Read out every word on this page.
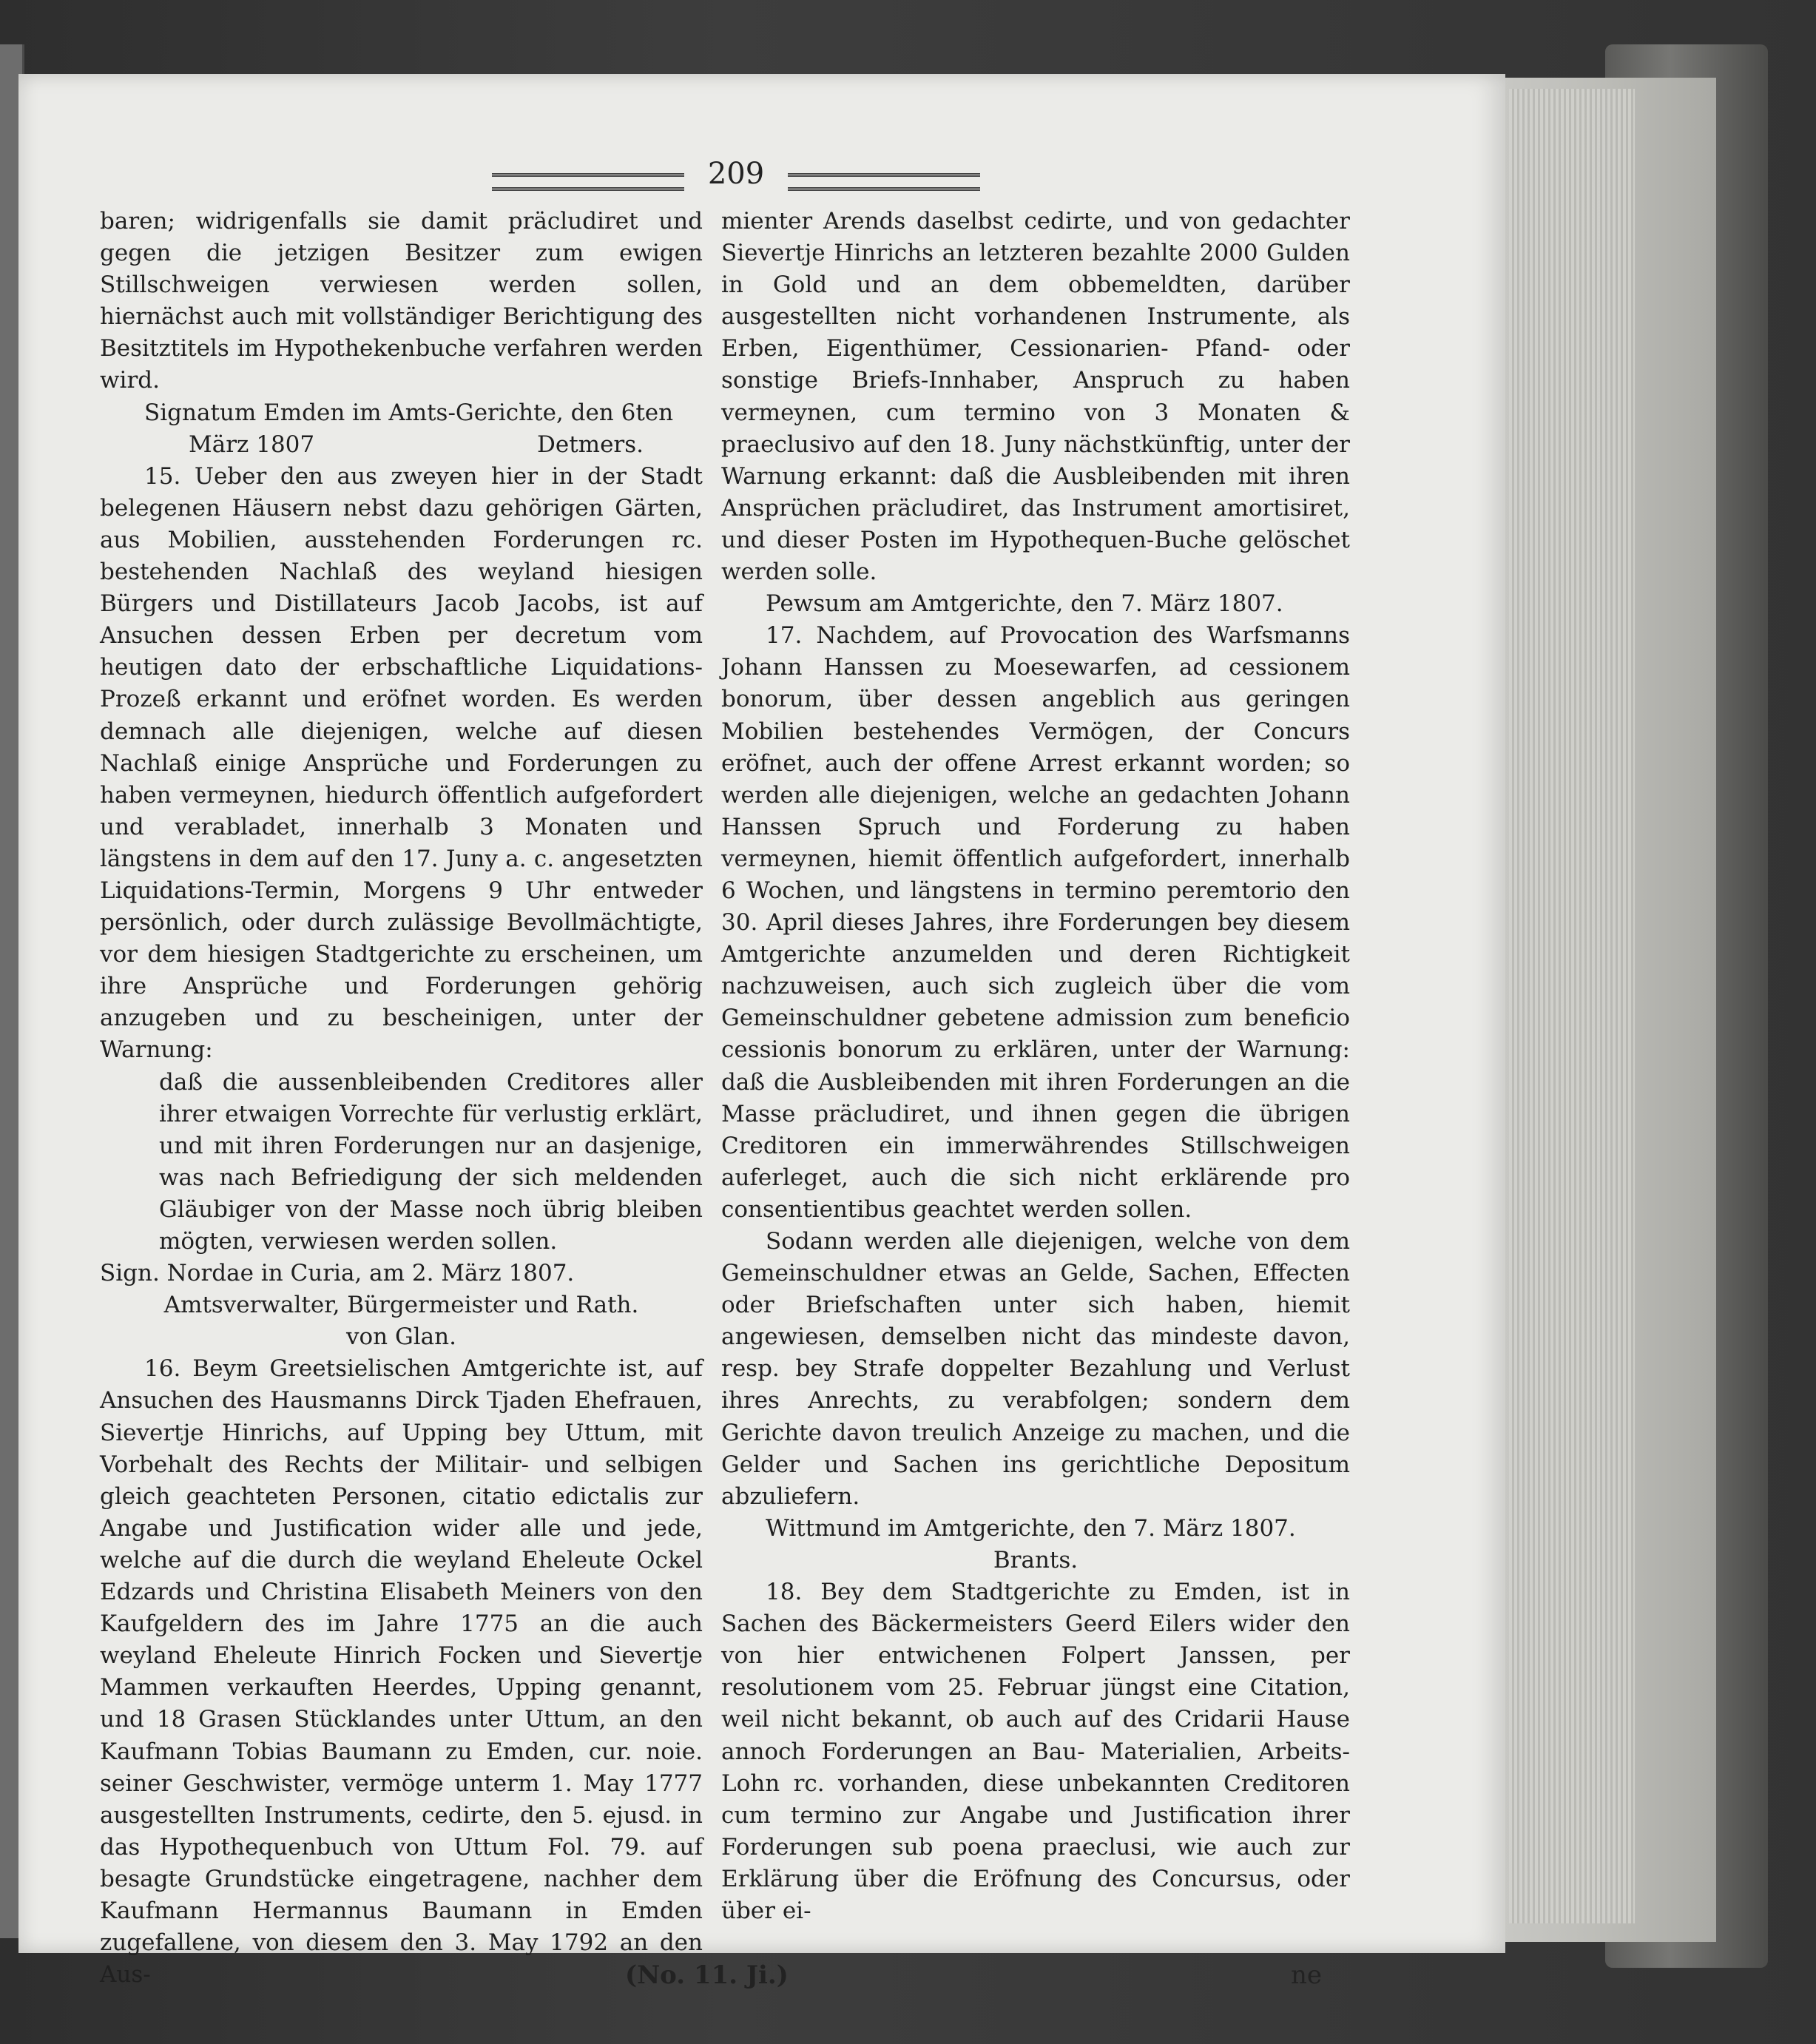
209

baren; widrigenfalls sie damit präcludiret und gegen die jetzigen Besitzer zum ewigen Stillschweigen verwiesen werden sollen, hiernächst auch mit vollständiger Berichtigung des Besitztitels im Hypothekenbuche verfahren werden wird.

Signatum Emden im Amts-Gerichte, den 6ten

März 1807	Detmers.

15. Ueber den aus zweyen hier in der Stadt belegenen Häusern nebst dazu gehörigen Gärten, aus Mobilien, ausstehenden Forderungen rc. bestehenden Nachlaß des weyland hiesigen Bürgers und Distillateurs Jacob Jacobs, ist auf Ansuchen dessen Erben per decretum vom heutigen dato der erbschaftliche Liquidations-Prozeß erkannt und eröfnet worden. Es werden demnach alle diejenigen, welche auf diesen Nachlaß einige Ansprüche und Forderungen zu haben vermeynen, hiedurch öffentlich aufgefordert und verabladet, innerhalb 3 Monaten und längstens in dem auf den 17. Juny a. c. angesetzten Liquidations-Termin, Morgens 9 Uhr entweder persönlich, oder durch zulässige Bevollmächtigte, vor dem hiesigen Stadtgerichte zu erscheinen, um ihre Ansprüche und Forderungen gehörig anzugeben und zu bescheinigen, unter der Warnung:

daß die aussenbleibenden Creditores aller ihrer etwaigen Vorrechte für verlustig erklärt, und mit ihren Forderungen nur an dasjenige, was nach Befriedigung der sich meldenden Gläubiger von der Masse noch übrig bleiben mögten, verwiesen werden sollen.

Sign. Nordae in Curia, am 2. März 1807.

Amtsverwalter, Bürgermeister und Rath.

von Glan.

16. Beym Greetsielischen Amtgerichte ist, auf Ansuchen des Hausmanns Dirck Tjaden Ehefrauen, Sievertje Hinrichs, auf Upping bey Uttum, mit Vorbehalt des Rechts der Militair- und selbigen gleich geachteten Personen, citatio edictalis zur Angabe und Justification wider alle und jede, welche auf die durch die weyland Eheleute Ockel Edzards und Christina Elisabeth Meiners von den Kaufgeldern des im Jahre 1775 an die auch weyland Eheleute Hinrich Focken und Sievertje Mammen verkauften Heerdes, Upping genannt, und 18 Grasen Stücklandes unter Uttum, an den Kaufmann Tobias Baumann zu Emden, cur. noie. seiner Geschwister, vermöge unterm 1. May 1777 ausgestellten Instruments, cedirte, den 5. ejusd. in das Hypothequenbuch von Uttum Fol. 79. auf besagte Grundstücke eingetragene, nachher dem Kaufmann Hermannus Baumann in Emden zugefallene, von diesem den 3. May 1792 an den Aus-

mienter Arends daselbst cedirte, und von gedachter Sievertje Hinrichs an letzteren bezahlte 2000 Gulden in Gold und an dem obbemeldten, darüber ausgestellten nicht vorhandenen Instrumente, als Erben, Eigenthümer, Cessionarien- Pfand- oder sonstige Briefs-Innhaber, Anspruch zu haben vermeynen, cum termino von 3 Monaten & praeclusivo auf den 18. Juny nächstkünftig, unter der Warnung erkannt: daß die Ausbleibenden mit ihren Ansprüchen präcludiret, das Instrument amortisiret, und dieser Posten im Hypothequen-Buche gelöschet werden solle.

Pewsum am Amtgerichte, den 7. März 1807.

17. Nachdem, auf Provocation des Warfsmanns Johann Hanssen zu Moesewarfen, ad cessionem bonorum, über dessen angeblich aus geringen Mobilien bestehendes Vermögen, der Concurs eröfnet, auch der offene Arrest erkannt worden; so werden alle diejenigen, welche an gedachten Johann Hanssen Spruch und Forderung zu haben vermeynen, hiemit öffentlich aufgefordert, innerhalb 6 Wochen, und längstens in termino peremtorio den 30. April dieses Jahres, ihre Forderungen bey diesem Amtgerichte anzumelden und deren Richtigkeit nachzuweisen, auch sich zugleich über die vom Gemeinschuldner gebetene admission zum beneficio cessionis bonorum zu erklären, unter der Warnung: daß die Ausbleibenden mit ihren Forderungen an die Masse präcludiret, und ihnen gegen die übrigen Creditoren ein immerwährendes Stillschweigen auferleget, auch die sich nicht erklärende pro consentientibus geachtet werden sollen.

Sodann werden alle diejenigen, welche von dem Gemeinschuldner etwas an Gelde, Sachen, Effecten oder Briefschaften unter sich haben, hiemit angewiesen, demselben nicht das mindeste davon, resp. bey Strafe doppelter Bezahlung und Verlust ihres Anrechts, zu verabfolgen; sondern dem Gerichte davon treulich Anzeige zu machen, und die Gelder und Sachen ins gerichtliche Depositum abzuliefern.

Wittmund im Amtgerichte, den 7. März 1807.

Brants.

18. Bey dem Stadtgerichte zu Emden, ist in Sachen des Bäckermeisters Geerd Eilers wider den von hier entwichenen Folpert Janssen, per resolutionem vom 25. Februar jüngst eine Citation, weil nicht bekannt, ob auch auf des Cridarii Hause annoch Forderungen an Bau- Materialien, Arbeits-Lohn rc. vorhanden, diese unbekannten Creditoren cum termino zur Angabe und Justification ihrer Forderungen sub poena praeclusi, wie auch zur Erklärung über die Eröfnung des Concursus, oder über ei-

(No. 11. Ji.)	ne
